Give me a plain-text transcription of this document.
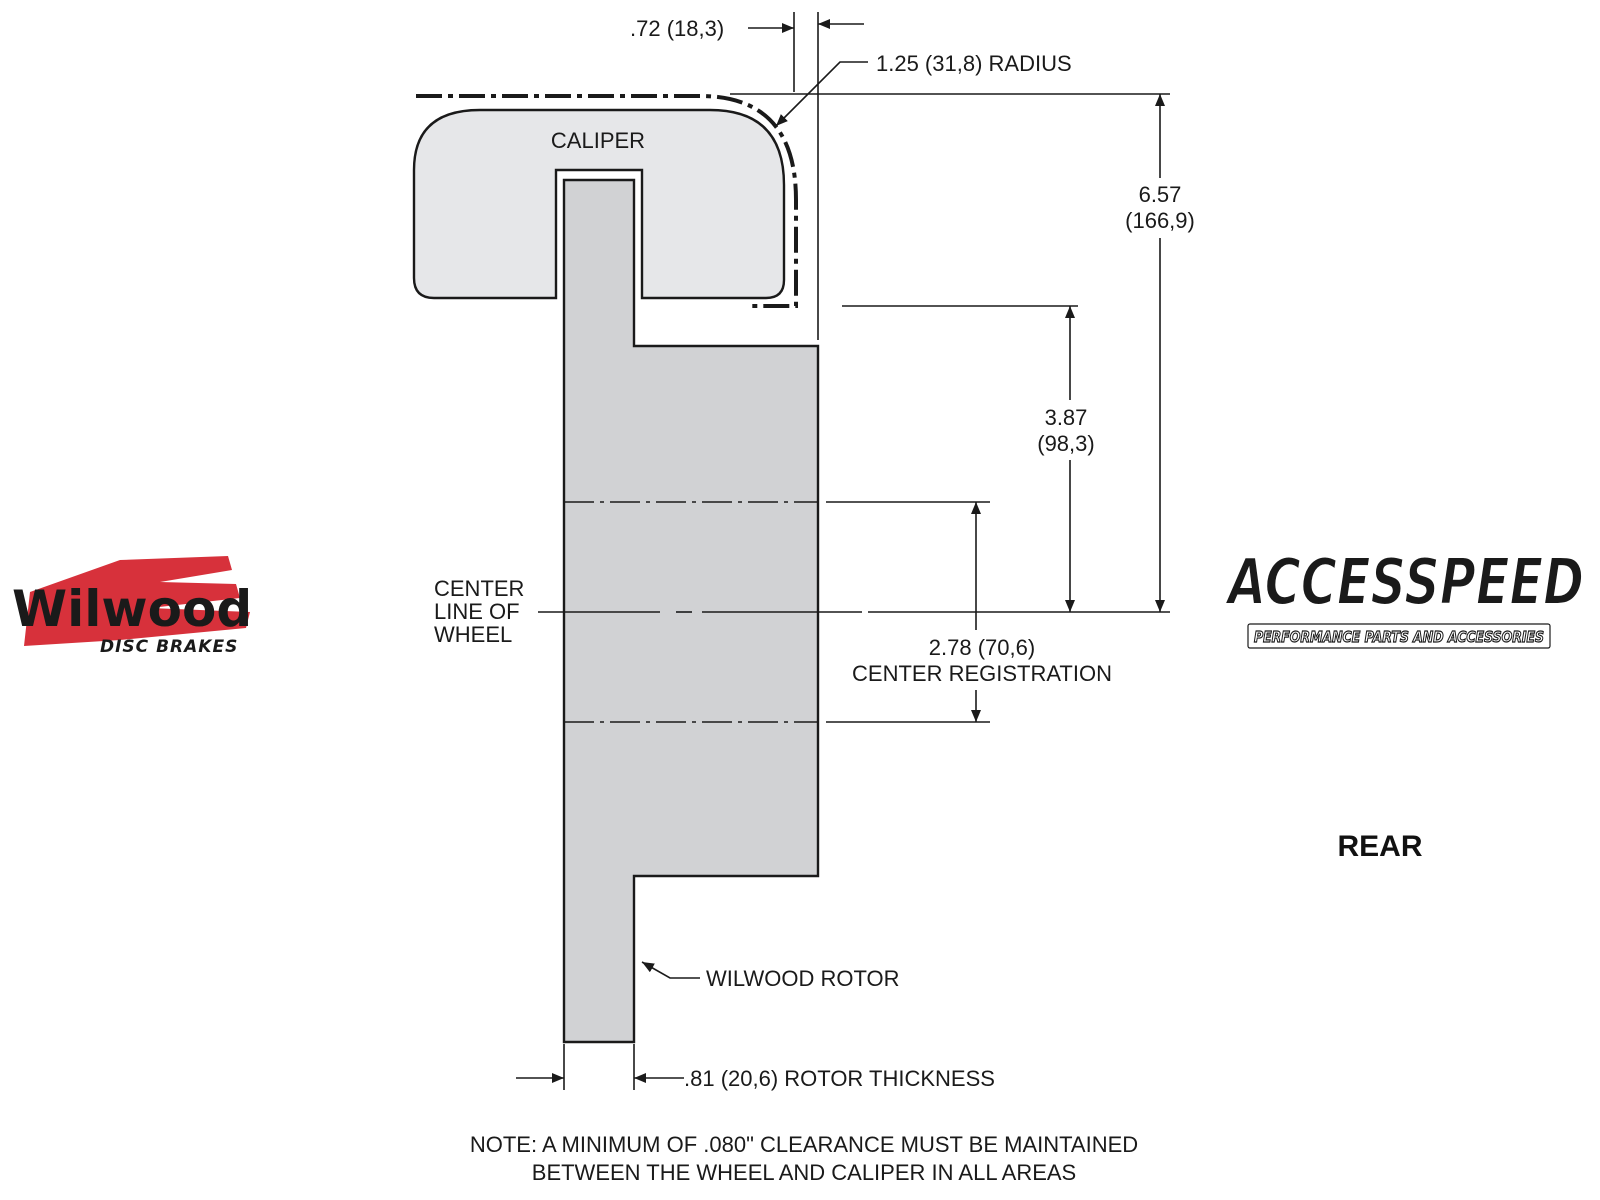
.72 (18,3)
1.25 (31,8) RADIUS
6.57
(166,9)
3.87
(98,3)
CENTER
LINE OF
WHEEL
2.78 (70,6)
CENTER REGISTRATION
CALIPER
WILWOOD ROTOR
.81 (20,6) ROTOR THICKNESS
NOTE: A MINIMUM OF .080" CLEARANCE MUST BE MAINTAINED
BETWEEN THE WHEEL AND CALIPER IN ALL AREAS
REAR
Wilwood
DISC BRAKES
ACCESSPEED
PERFORMANCE PARTS AND ACCESSORIES
